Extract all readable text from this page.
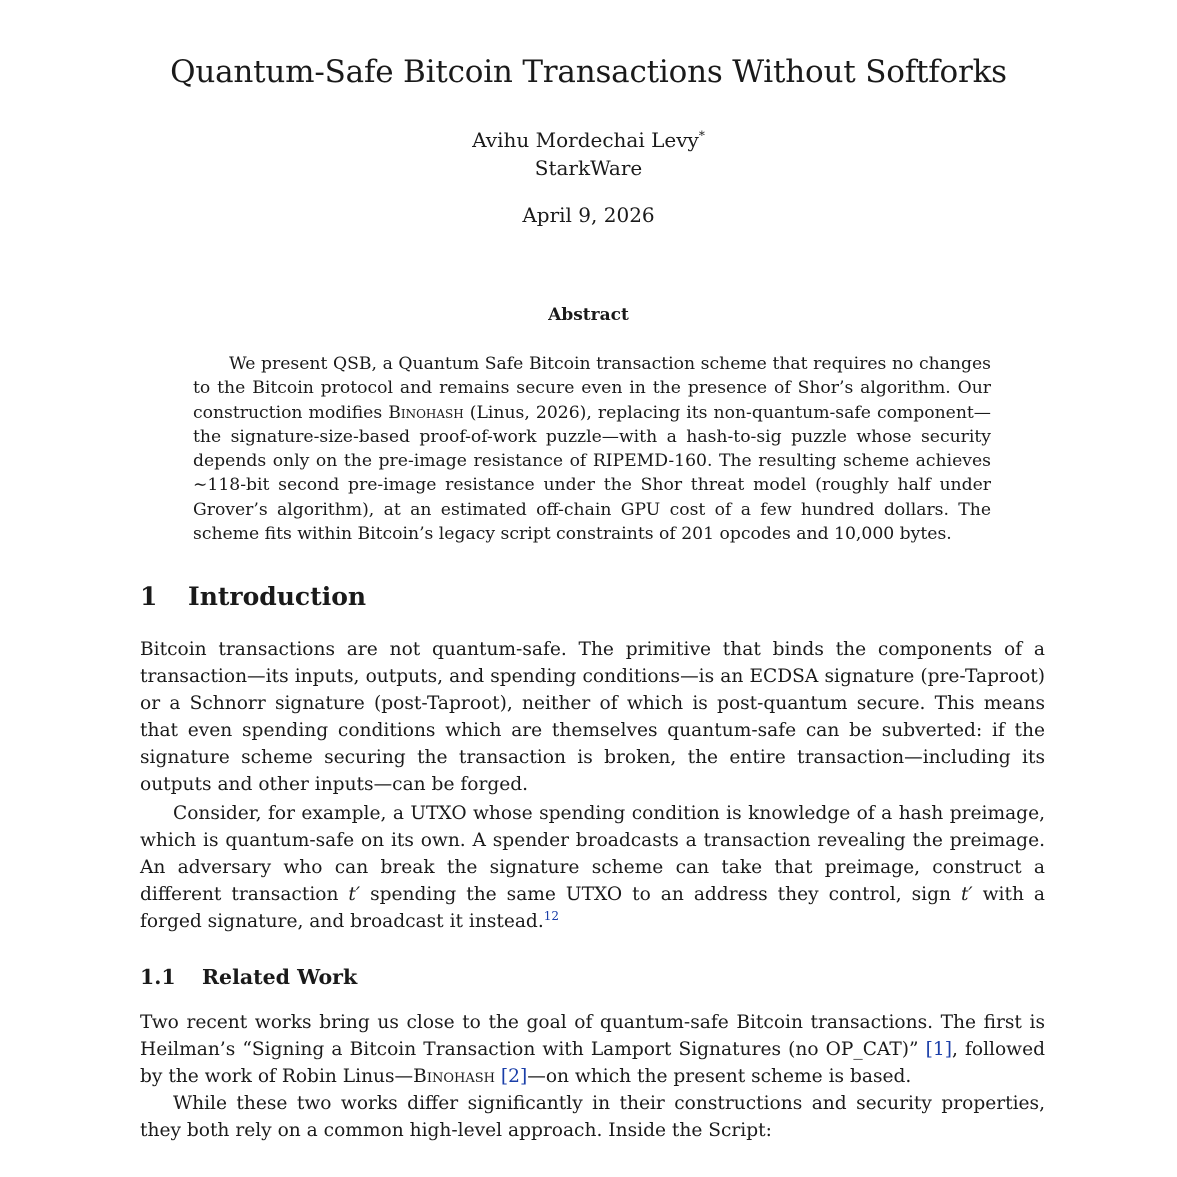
Quantum-Safe Bitcoin Transactions Without Softforks
Avihu Mordechai Levy*
StarkWare
April 9, 2026
Abstract

We present QSB, a Quantum Safe Bitcoin transaction scheme that requires no changes to the Bitcoin protocol and remains secure even in the presence of Shor’s algorithm. Our construction modifies Binohash (Linus, 2026), replacing its non-quantum-safe component—the signature-size-based proof-of-work puzzle—with a hash-to-sig puzzle whose security depends only on the pre-image resistance of RIPEMD-160. The resulting scheme achieves ∼118-bit second pre-image resistance under the Shor threat model (roughly half under Grover’s algorithm), at an estimated off-chain GPU cost of a few hundred dollars. The scheme fits within Bitcoin’s legacy script constraints of 201 opcodes and 10,000 bytes.

1 Introduction

Bitcoin transactions are not quantum-safe. The primitive that binds the components of a transaction—its inputs, outputs, and spending conditions—is an ECDSA signature (pre-Taproot) or a Schnorr signature (post-Taproot), neither of which is post-quantum secure. This means that even spending conditions which are themselves quantum-safe can be subverted: if the signature scheme securing the transaction is broken, the entire transaction—including its outputs and other inputs—can be forged.

Consider, for example, a UTXO whose spending condition is knowledge of a hash preimage, which is quantum-safe on its own. A spender broadcasts a transaction revealing the preimage. An adversary who can break the signature scheme can take that preimage, construct a different transaction t′ spending the same UTXO to an address they control, sign t′ with a forged signature, and broadcast it instead.$^{12}$

1.1 Related Work

Two recent works bring us close to the goal of quantum-safe Bitcoin transactions. The first is Heilman’s “Signing a Bitcoin Transaction with Lamport Signatures (no OP_CAT)” [1], followed by the work of Robin Linus—Binohash [2]—on which the present scheme is based.

While these two works differ significantly in their constructions and security properties, they both rely on a common high-level approach. Inside the Script:
